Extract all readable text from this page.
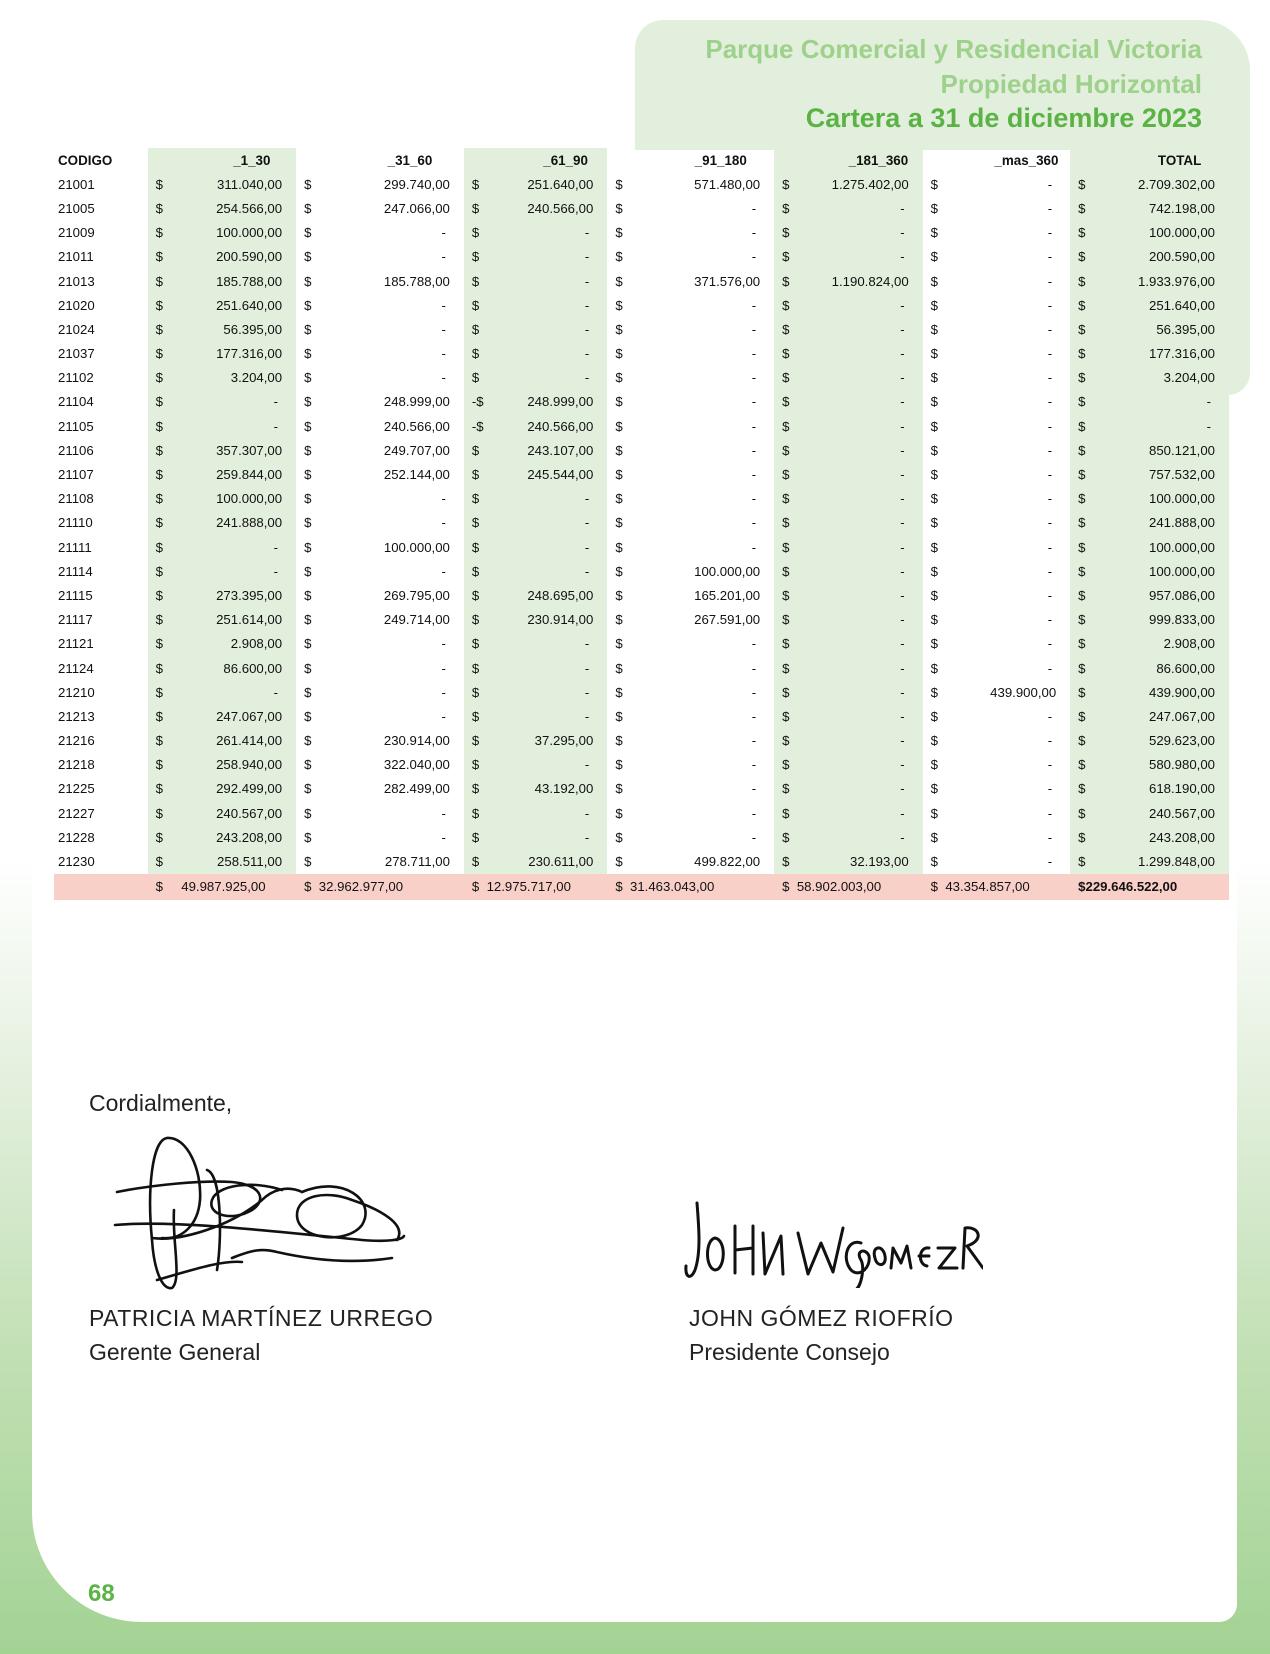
Parque Comercial y Residencial Victoria
Propiedad Horizontal
Cartera a 31 de diciembre 2023
CODIGO	_1_30		_31_60		_61_90		_91_180		_181_360		_mas_360		TOTAL	
21001	$	311.040,00	$	299.740,00	$	251.640,00	$	571.480,00	$	1.275.402,00	$	-	$	2.709.302,00
21005	$	254.566,00	$	247.066,00	$	240.566,00	$	-	$	-	$	-	$	742.198,00
21009	$	100.000,00	$	-	$	-	$	-	$	-	$	-	$	100.000,00
21011	$	200.590,00	$	-	$	-	$	-	$	-	$	-	$	200.590,00
21013	$	185.788,00	$	185.788,00	$	-	$	371.576,00	$	1.190.824,00	$	-	$	1.933.976,00
21020	$	251.640,00	$	-	$	-	$	-	$	-	$	-	$	251.640,00
21024	$	56.395,00	$	-	$	-	$	-	$	-	$	-	$	56.395,00
21037	$	177.316,00	$	-	$	-	$	-	$	-	$	-	$	177.316,00
21102	$	3.204,00	$	-	$	-	$	-	$	-	$	-	$	3.204,00
21104	$	-	$	248.999,00	-$	248.999,00	$	-	$	-	$	-	$	-
21105	$	-	$	240.566,00	-$	240.566,00	$	-	$	-	$	-	$	-
21106	$	357.307,00	$	249.707,00	$	243.107,00	$	-	$	-	$	-	$	850.121,00
21107	$	259.844,00	$	252.144,00	$	245.544,00	$	-	$	-	$	-	$	757.532,00
21108	$	100.000,00	$	-	$	-	$	-	$	-	$	-	$	100.000,00
21110	$	241.888,00	$	-	$	-	$	-	$	-	$	-	$	241.888,00
21111	$	-	$	100.000,00	$	-	$	-	$	-	$	-	$	100.000,00
21114	$	-	$	-	$	-	$	100.000,00	$	-	$	-	$	100.000,00
21115	$	273.395,00	$	269.795,00	$	248.695,00	$	165.201,00	$	-	$	-	$	957.086,00
21117	$	251.614,00	$	249.714,00	$	230.914,00	$	267.591,00	$	-	$	-	$	999.833,00
21121	$	2.908,00	$	-	$	-	$	-	$	-	$	-	$	2.908,00
21124	$	86.600,00	$	-	$	-	$	-	$	-	$	-	$	86.600,00
21210	$	-	$	-	$	-	$	-	$	-	$	439.900,00	$	439.900,00
21213	$	247.067,00	$	-	$	-	$	-	$	-	$	-	$	247.067,00
21216	$	261.414,00	$	230.914,00	$	37.295,00	$	-	$	-	$	-	$	529.623,00
21218	$	258.940,00	$	322.040,00	$	-	$	-	$	-	$	-	$	580.980,00
21225	$	292.499,00	$	282.499,00	$	43.192,00	$	-	$	-	$	-	$	618.190,00
21227	$	240.567,00	$	-	$	-	$	-	$	-	$	-	$	240.567,00
21228	$	243.208,00	$	-	$	-	$	-	$	-	$	-	$	243.208,00
21230	$	258.511,00	$	278.711,00	$	230.611,00	$	499.822,00	$	32.193,00	$	-	$	1.299.848,00
	$     49.987.925,00		$  32.962.977,00		$  12.975.717,00		$  31.463.043,00		$  58.902.003,00		$  43.354.857,00		$229.646.522,00	
Cordialmente,
PATRICIA MARTÍNEZ URREGO
Gerente General
JOHN GÓMEZ RIOFRÍO
Presidente Consejo
68
